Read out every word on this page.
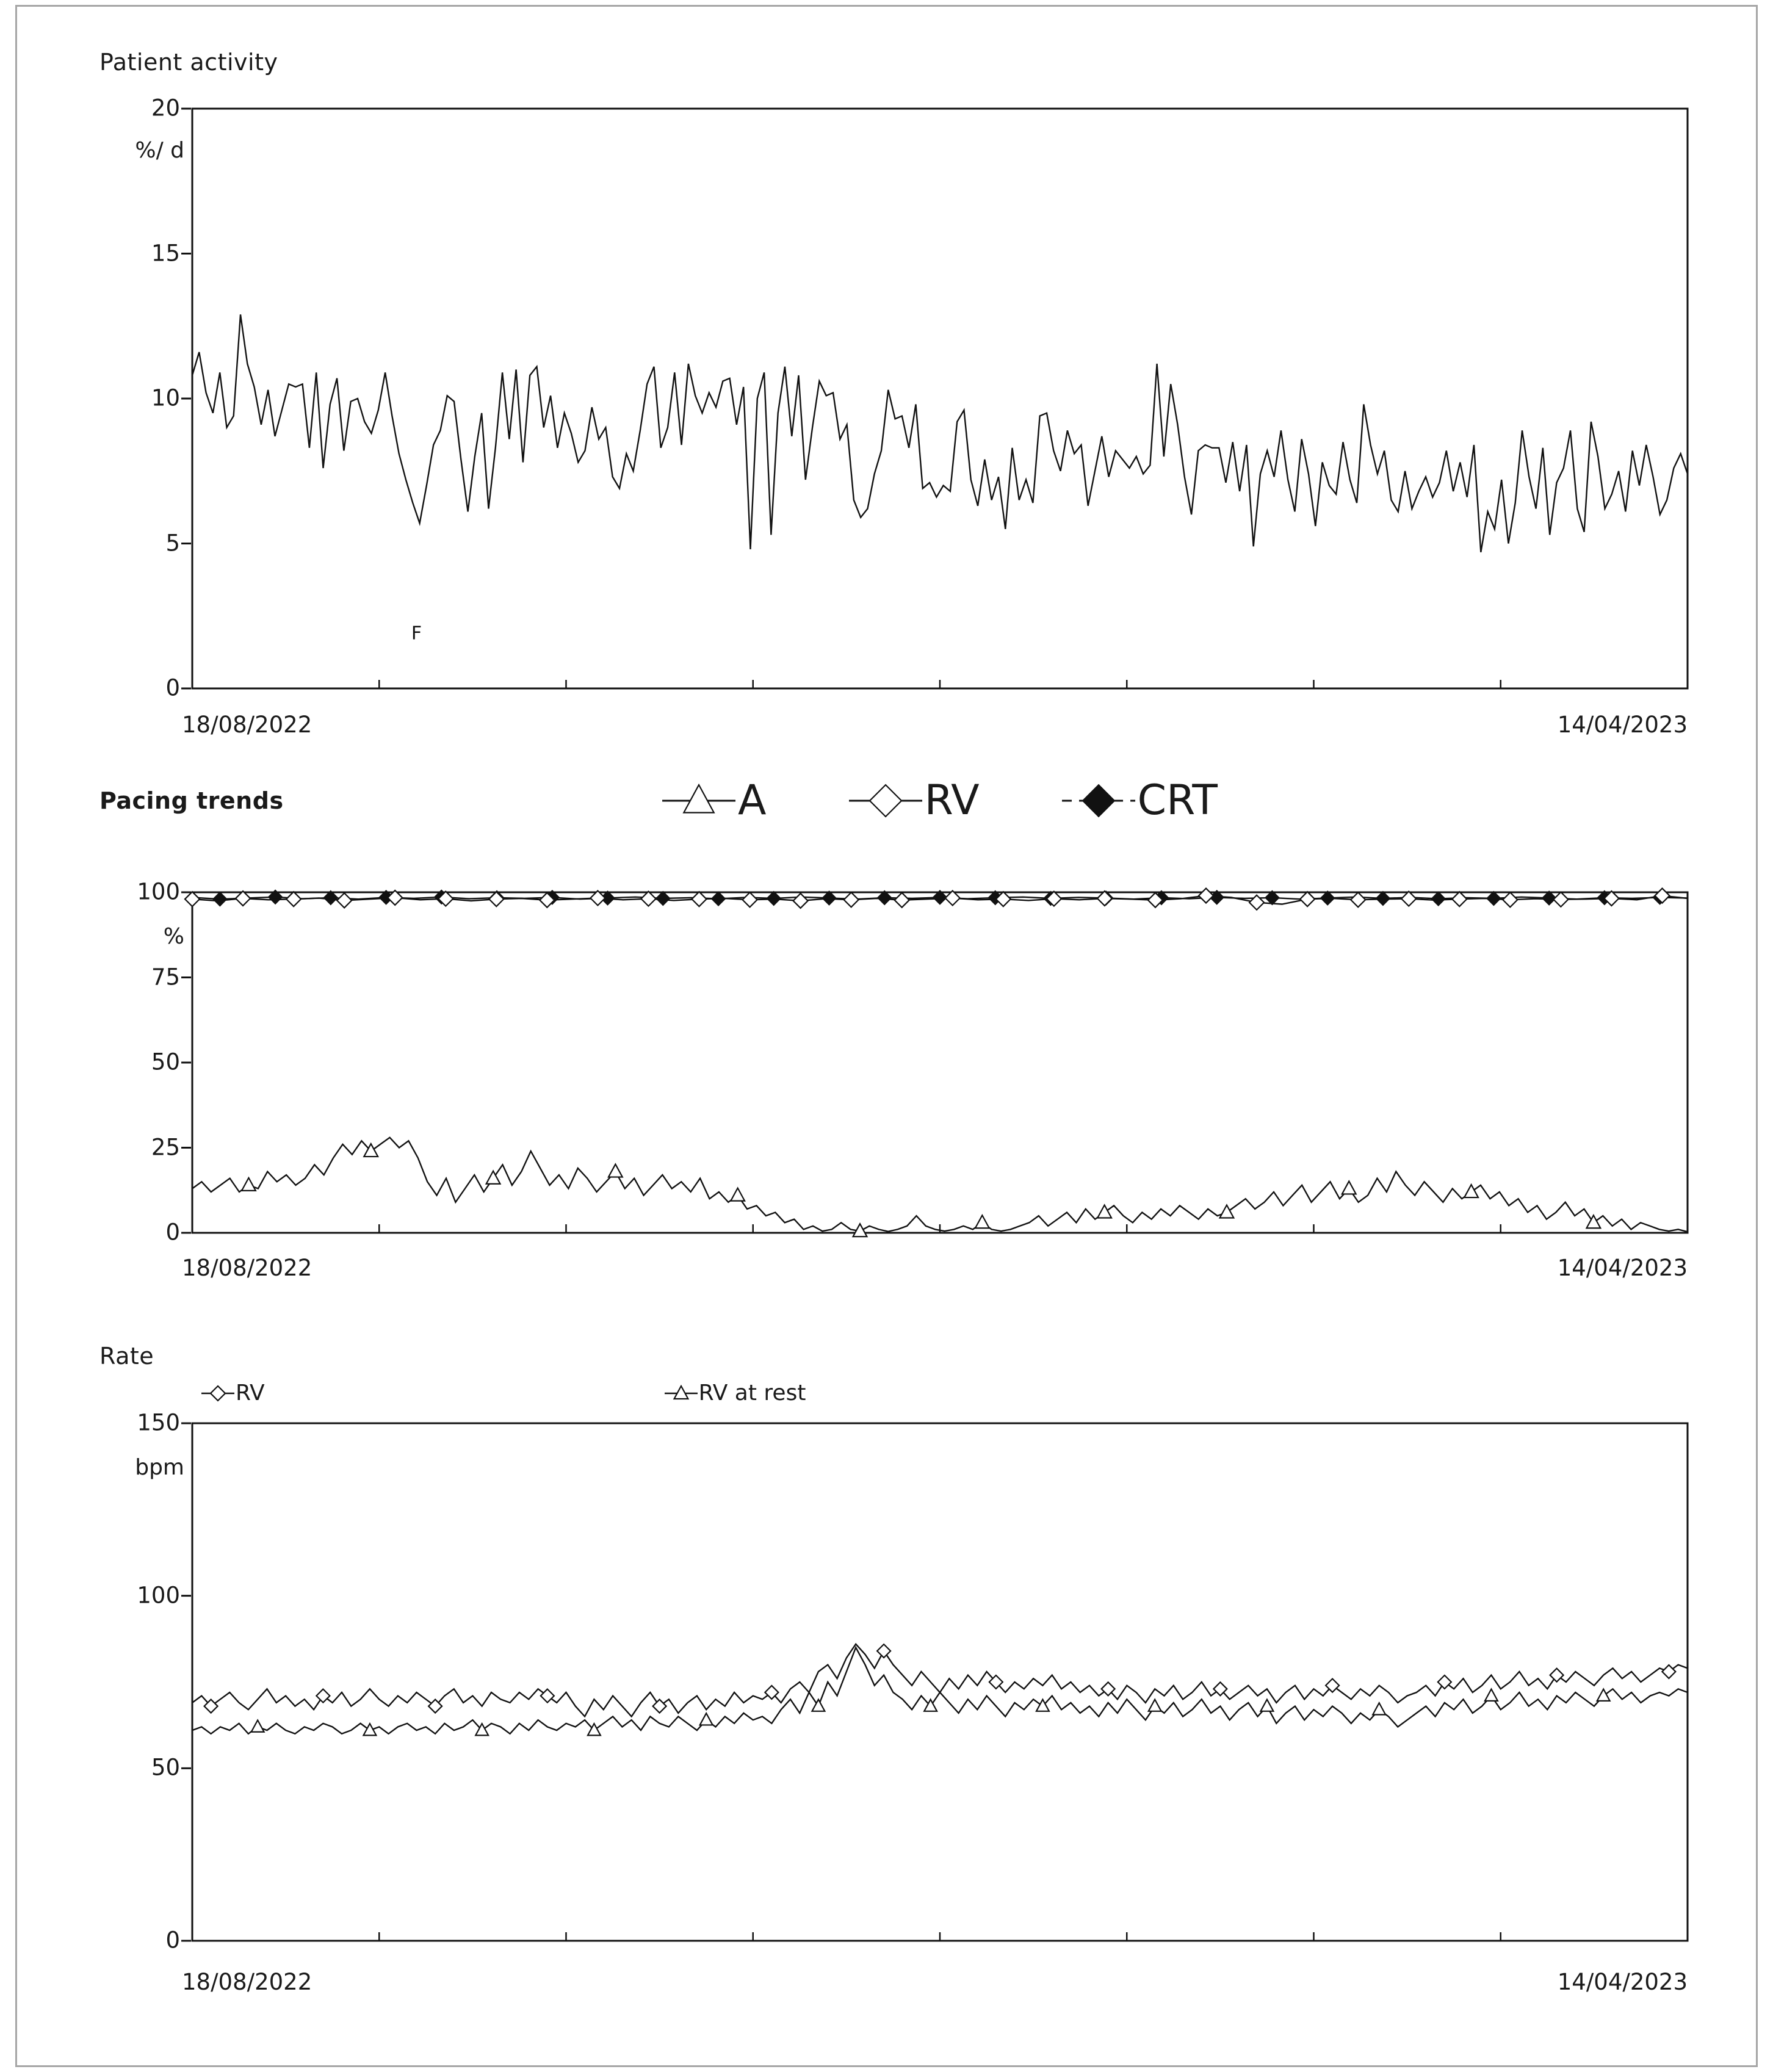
Patient activity
%/ d
F
18/08/2022	14/04/2023
Pacing trends	A	RV	CRT
%
18/08/2022	14/04/2023
Rate
RV	RV at rest
bpm
18/08/2022	14/04/2023
0
5
10
15
20
0
25
50
75
100
0
50
100
150
